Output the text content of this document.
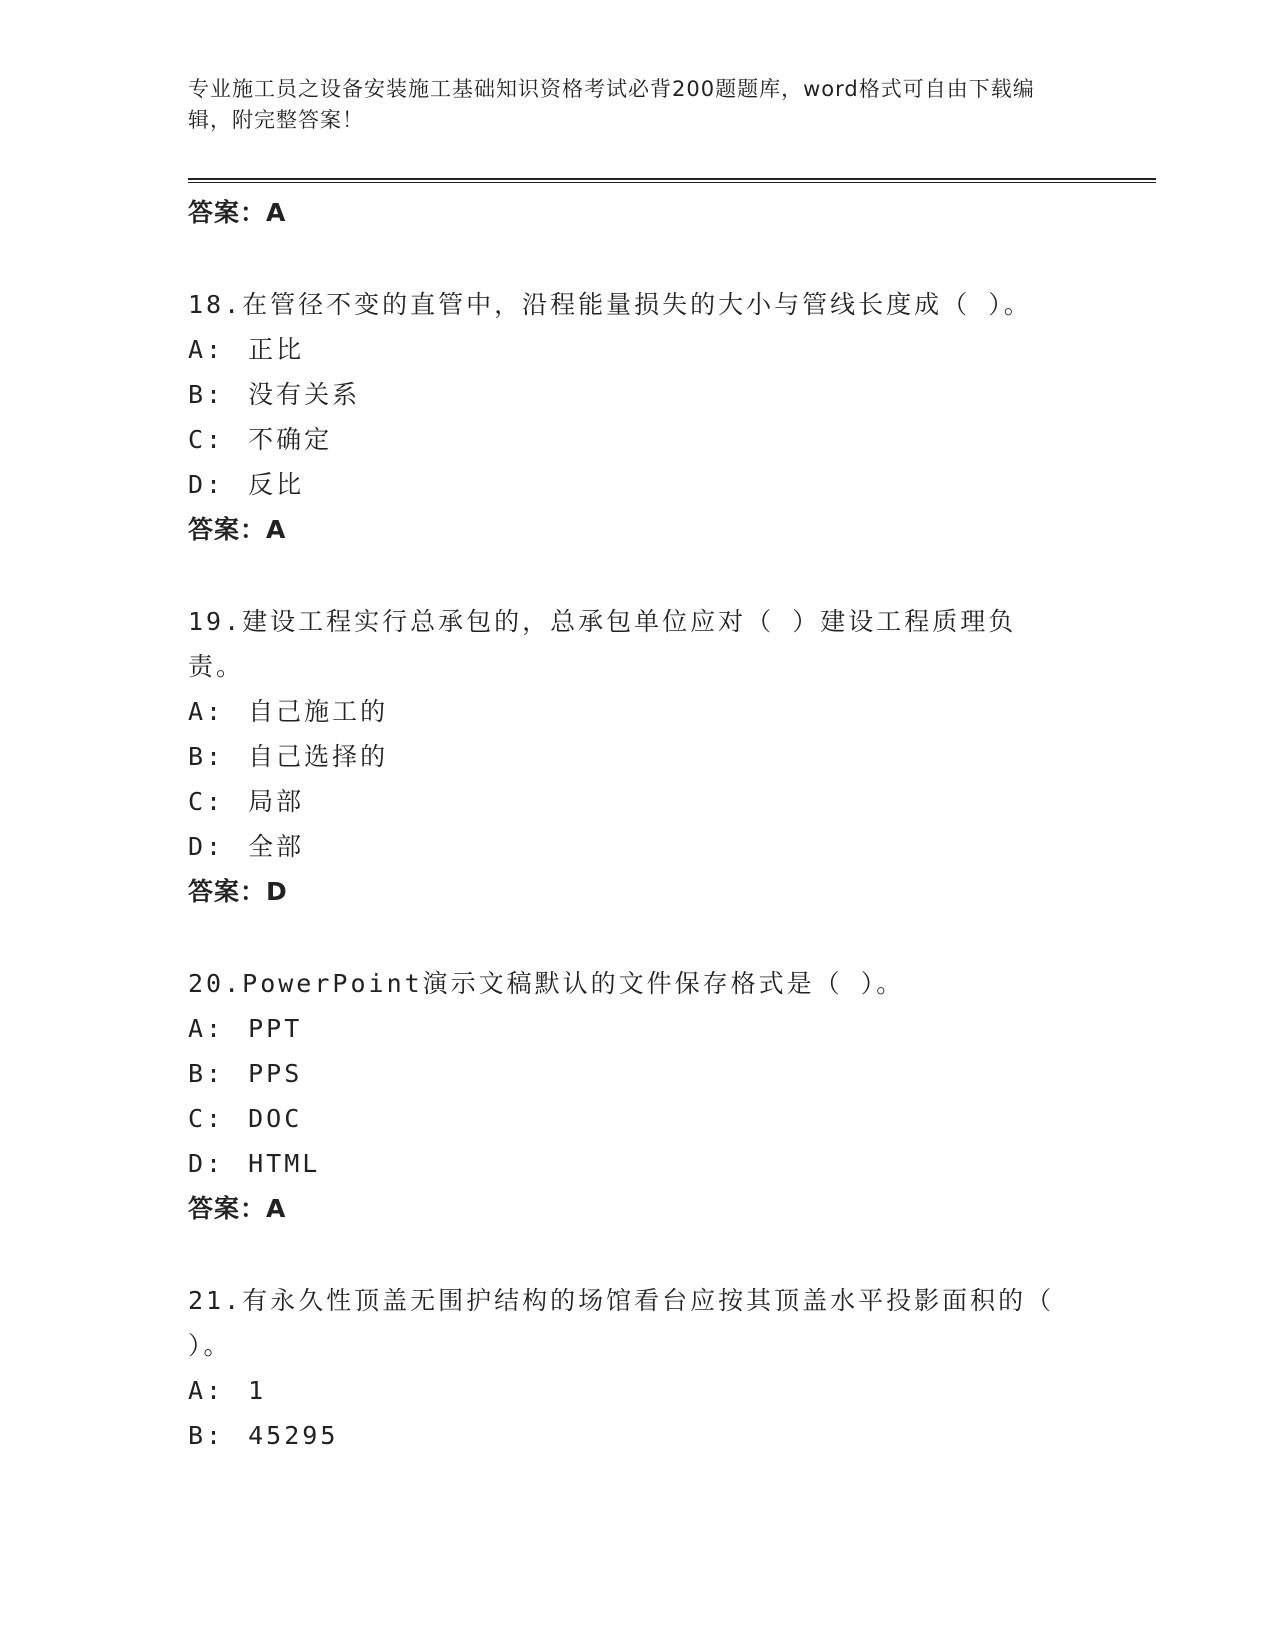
专业施工员之设备安装施工基础知识资格考试必背200题题库，word格式可自由下载编辑，附完整答案！
答案：A
18.在管径不变的直管中，沿程能量损失的大小与管线长度成（ ）。
A: 正比
B: 没有关系
C: 不确定
D: 反比
答案：A
19.建设工程实行总承包的，总承包单位应对（ ）建设工程质理负责。
A: 自己施工的
B: 自己选择的
C: 局部
D: 全部
答案：D
20.PowerPoint演示文稿默认的文件保存格式是（ ）。
A: PPT
B: PPS
C: DOC
D: HTML
答案：A
21.有永久性顶盖无围护结构的场馆看台应按其顶盖水平投影面积的（ ）。
A: 1
B: 45295
